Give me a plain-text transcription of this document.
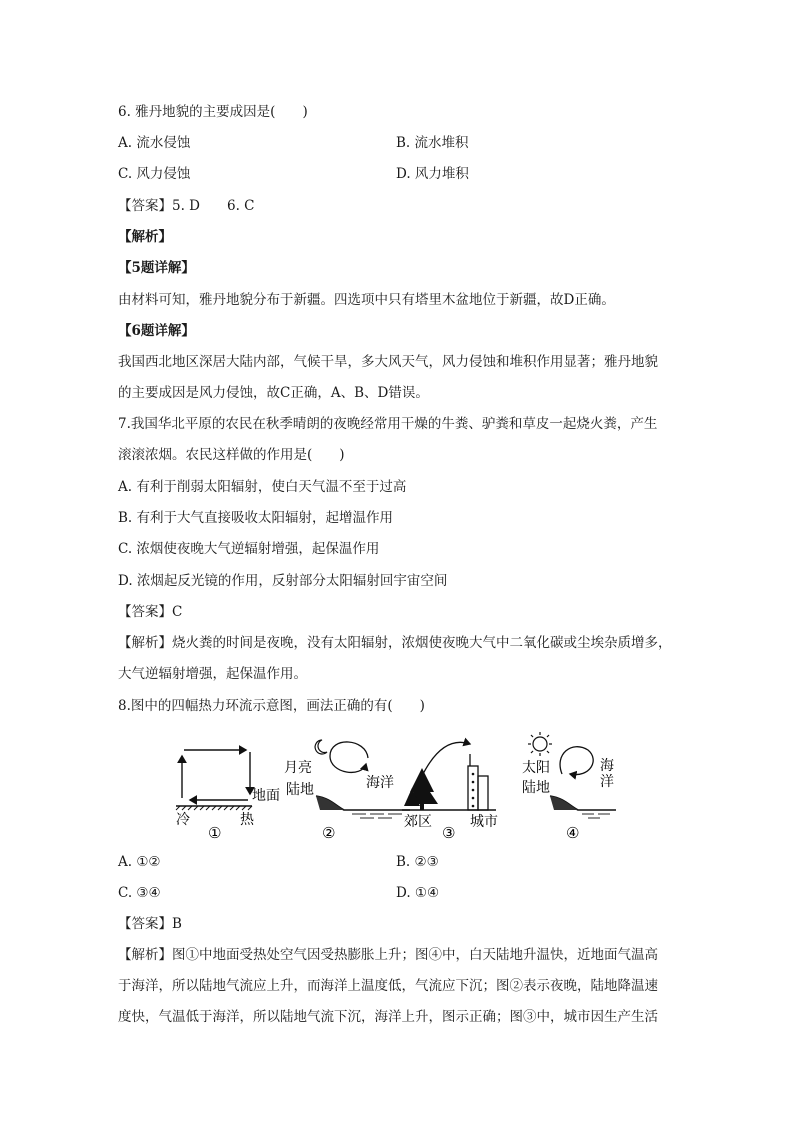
6. 雅丹地貌的主要成因是(　　)
A. 流水侵蚀	B. 流水堆积
C. 风力侵蚀	D. 风力堆积
【答案】5. D  6. C
【解析】
【5题详解】
由材料可知，雅丹地貌分布于新疆。四选项中只有塔里木盆地位于新疆，故D正确。
【6题详解】
我国西北地区深居大陆内部，气候干旱，多大风天气，风力侵蚀和堆积作用显著；雅丹地貌
的主要成因是风力侵蚀，故C正确，A、B、D错误。
7.我国华北平原的农民在秋季晴朗的夜晚经常用干燥的牛粪、驴粪和草皮一起烧火粪，产生
滚滚浓烟。农民这样做的作用是(　　)
A. 有利于削弱太阳辐射，使白天气温不至于过高
B. 有利于大气直接吸收太阳辐射，起增温作用
C. 浓烟使夜晚大气逆辐射增强，起保温作用
D. 浓烟起反光镜的作用，反射部分太阳辐射回宇宙空间
【答案】C
【解析】烧火粪的时间是夜晚，没有太阳辐射，浓烟使夜晚大气中二氧化碳或尘埃杂质增多，
大气逆辐射增强，起保温作用。
8.图中的四幅热力环流示意图，画法正确的有(　　)
地面
冷	热
①
月亮
陆地	海洋
②
郊区	城市
③
太阳
陆地
海
洋
④
A. ①②	B. ②③
C. ③④	D. ①④
【答案】B
【解析】图①中地面受热处空气因受热膨胀上升；图④中，白天陆地升温快，近地面气温高
于海洋，所以陆地气流应上升，而海洋上温度低，气流应下沉；图②表示夜晚，陆地降温速
度快，气温低于海洋，所以陆地气流下沉，海洋上升，图示正确；图③中，城市因生产生活
